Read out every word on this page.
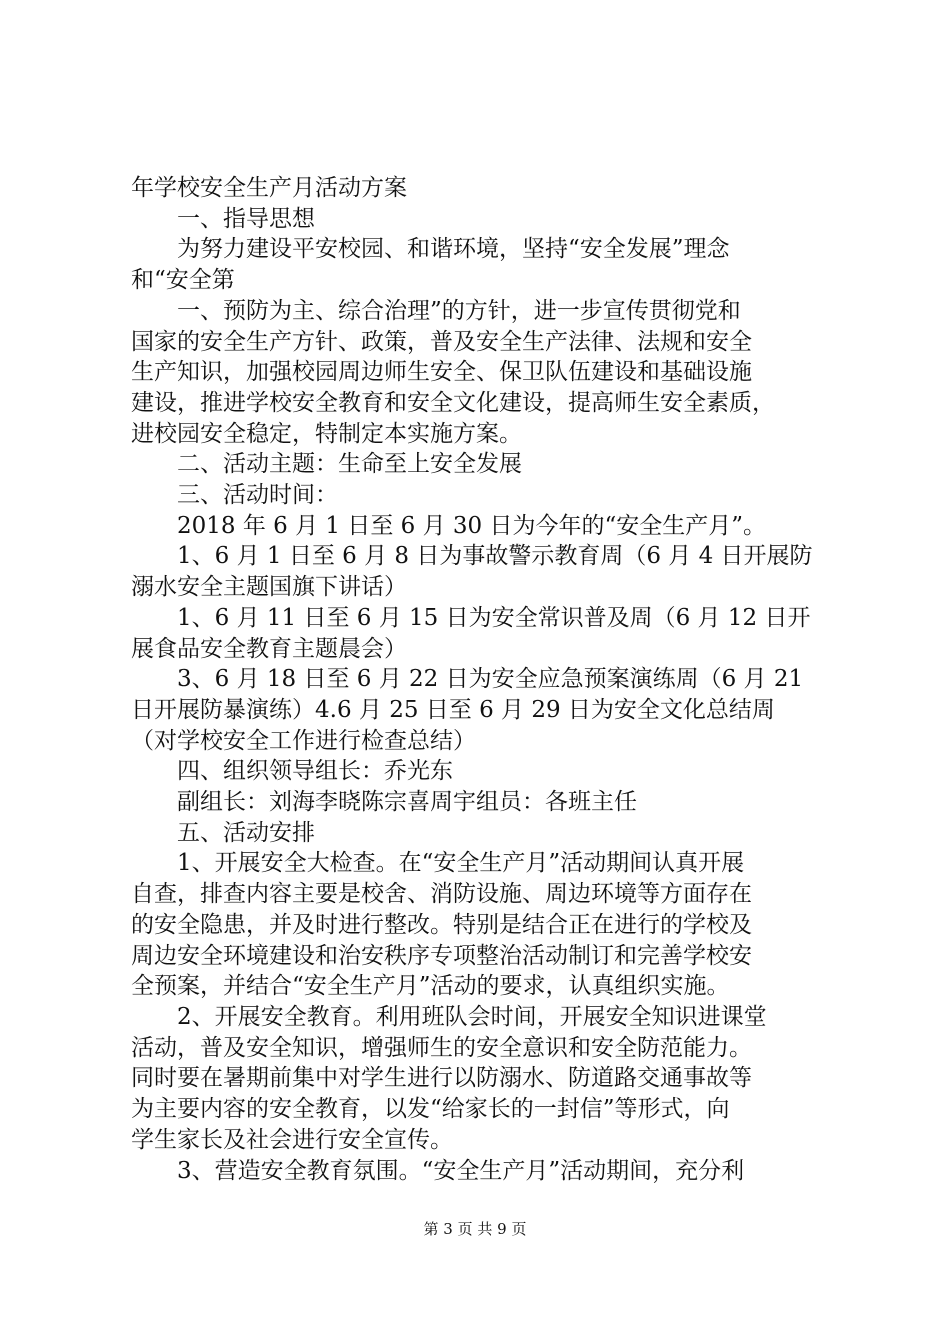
年学校安全生产月活动方案
　　一、指导思想
　　为努力建设平安校园、和谐环境，坚持“安全发展”理念
和“安全第
　　一、预防为主、综合治理”的方针，进一步宣传贯彻党和
国家的安全生产方针、政策，普及安全生产法律、法规和安全
生产知识，加强校园周边师生安全、保卫队伍建设和基础设施
建设，推进学校安全教育和安全文化建设，提高师生安全素质，
进校园安全稳定，特制定本实施方案。
　　二、活动主题：生命至上安全发展
　　三、活动时间：
　　2018 年 6 月 1 日至 6 月 30 日为今年的“安全生产月”。
　　1、6 月 1 日至 6 月 8 日为事故警示教育周（6 月 4 日开展防
溺水安全主题国旗下讲话）
　　1、6 月 11 日至 6 月 15 日为安全常识普及周（6 月 12 日开
展食品安全教育主题晨会）
　　3、6 月 18 日至 6 月 22 日为安全应急预案演练周（6 月 21
日开展防暴演练）4.6 月 25 日至 6 月 29 日为安全文化总结周
（对学校安全工作进行检查总结）
　　四、组织领导组长：乔光东
　　副组长：刘海李晓陈宗喜周宇组员：各班主任
　　五、活动安排
　　1、开展安全大检查。在“安全生产月”活动期间认真开展
自查，排查内容主要是校舍、消防设施、周边环境等方面存在
的安全隐患，并及时进行整改。特别是结合正在进行的学校及
周边安全环境建设和治安秩序专项整治活动制订和完善学校安
全预案，并结合“安全生产月”活动的要求，认真组织实施。
　　2、开展安全教育。利用班队会时间，开展安全知识进课堂
活动，普及安全知识，增强师生的安全意识和安全防范能力。
同时要在暑期前集中对学生进行以防溺水、防道路交通事故等
为主要内容的安全教育，以发“给家长的一封信”等形式，向
学生家长及社会进行安全宣传。
　　3、营造安全教育氛围。“安全生产月”活动期间，充分利
第 3 页 共 9 页
